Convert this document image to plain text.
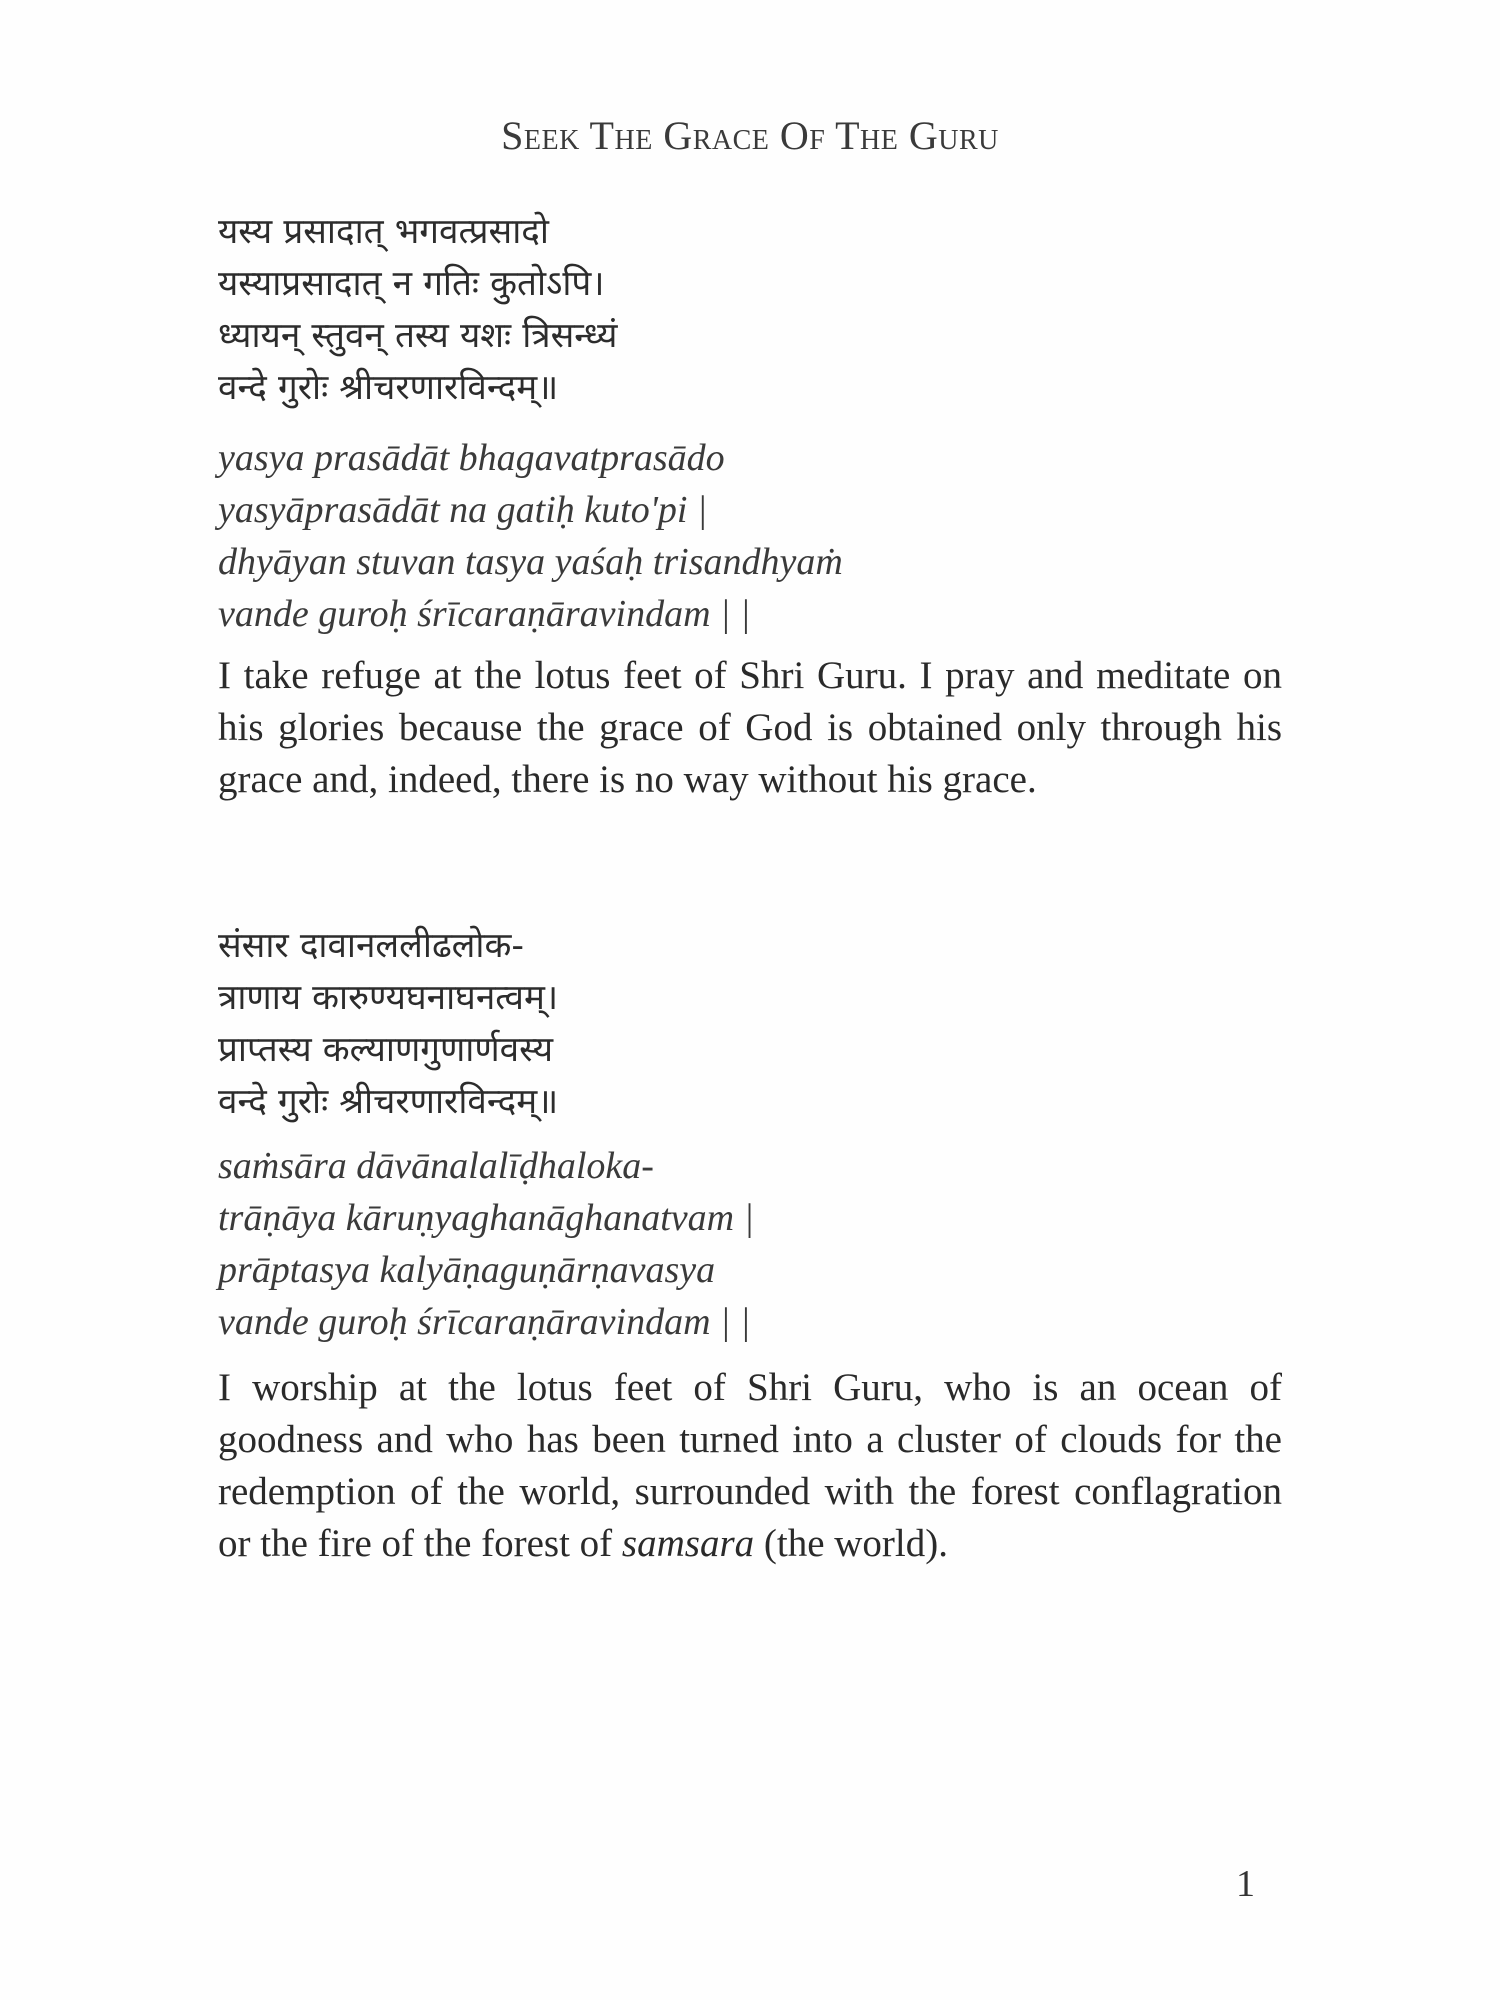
Seek The Grace Of The Guru
यस्य प्रसादात् भगवत्प्रसादो
यस्याप्रसादात् न गतिः कुतोऽपि।
ध्यायन् स्तुवन् तस्य यशः त्रिसन्ध्यं
वन्दे गुरोः श्रीचरणारविन्दम्॥
yasya prasādāt bhagavatprasādo
yasyāprasādāt na gatiḥ kuto'pi |
dhyāyan stuvan tasya yaśaḥ trisandhyaṁ
vande guroḥ śrīcaraṇāravindam | |

I take refuge at the lotus feet of Shri Guru. I pray and meditate on his glories because the grace of God is obtained only through his grace and, indeed, there is no way without his grace.

संसार दावानललीढलोक-
त्राणाय कारुण्यघनाघनत्वम्।
प्राप्तस्य कल्याणगुणार्णवस्य
वन्दे गुरोः श्रीचरणारविन्दम्॥
saṁsāra dāvānalalīḍhaloka-
trāṇāya kāruṇyaghanāghanatvam |
prāptasya kalyāṇaguṇārṇavasya
vande guroḥ śrīcaraṇāravindam | |

I worship at the lotus feet of Shri Guru, who is an ocean of goodness and who has been turned into a cluster of clouds for the redemption of the world, surrounded with the forest conflagration or the fire of the forest of samsara (the world).

1
